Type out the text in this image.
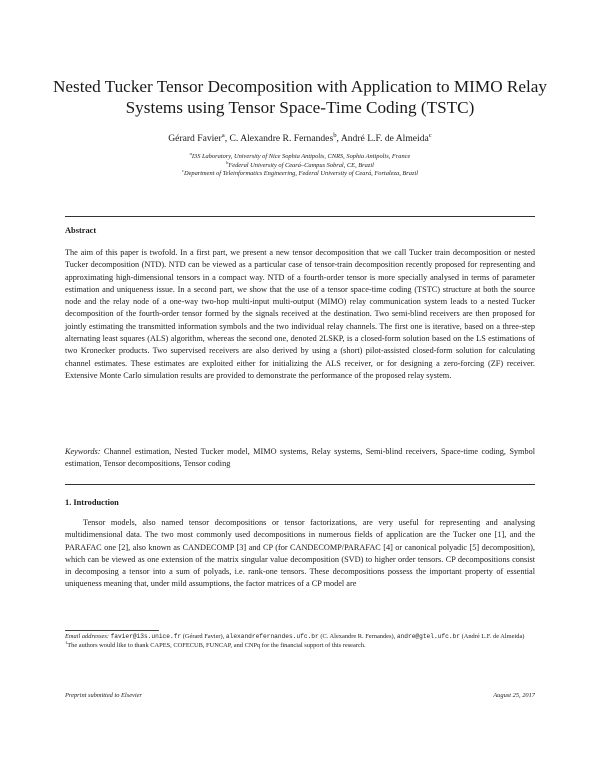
Nested Tucker Tensor Decomposition with Application to MIMO Relay Systems using Tensor Space-Time Coding (TSTC)
Gérard Favier$^a$, C. Alexandre R. Fernandes$^b$, André L.F. de Almeida$^c$
$^a$I3S Laboratory, University of Nice Sophia Antipolis, CNRS, Sophia Antipolis, France
$^b$Federal University of Ceará–Campus Sobral, CE, Brazil
$^c$Department of Teleinformatics Engineering, Federal University of Ceará, Fortaleza, Brazil
Abstract
The aim of this paper is twofold. In a first part, we present a new tensor decomposition that we call Tucker train decomposition or nested Tucker decomposition (NTD). NTD can be viewed as a particular case of tensor-train decomposition recently proposed for representing and approximating high-dimensional tensors in a compact way. NTD of a fourth-order tensor is more specially analysed in terms of parameter estimation and uniqueness issue. In a second part, we show that the use of a tensor space-time coding (TSTC) structure at both the source node and the relay node of a one-way two-hop multi-input multi-output (MIMO) relay communication system leads to a nested Tucker decomposition of the fourth-order tensor formed by the signals received at the destination. Two semi-blind receivers are then proposed for jointly estimating the transmitted information symbols and the two individual relay channels. The first one is iterative, based on a three-step alternating least squares (ALS) algorithm, whereas the second one, denoted 2LSKP, is a closed-form solution based on the LS estimations of two Kronecker products. Two supervised receivers are also derived by using a (short) pilot-assisted closed-form solution for calculating channel estimates. These estimates are exploited either for initializing the ALS receiver, or for designing a zero-forcing (ZF) receiver. Extensive Monte Carlo simulation results are provided to demonstrate the performance of the proposed relay system.
Keywords: Channel estimation, Nested Tucker model, MIMO systems, Relay systems, Semi-blind receivers, Space-time coding, Symbol estimation, Tensor decompositions, Tensor coding
1. Introduction
Tensor models, also named tensor decompositions or tensor factorizations, are very useful for representing and analysing multidimensional data. The two most commonly used decompositions in numerous fields of application are the Tucker one [1], and the PARAFAC one [2], also known as CANDECOMP [3] and CP (for CANDECOMP/PARAFAC [4] or canonical polyadic [5] decomposition), which can be viewed as one extension of the matrix singular value decomposition (SVD) to higher order tensors. CP decompositions consist in decomposing a tensor into a sum of polyads, i.e. rank-one tensors. These decompositions possess the important property of essential uniqueness meaning that, under mild assumptions, the factor matrices of a CP model are
Email addresses: favier@i3s.unice.fr (Gérard Favier), alexandrefernandes.ufc.br (C. Alexandre R. Fernandes), andre@gtel.ufc.br (André L.F. de Almeida)
$^1$The authors would like to thank CAPES, COFECUB, FUNCAP, and CNPq for the financial support of this research.
Preprint submitted to Elsevier	August 25, 2017
